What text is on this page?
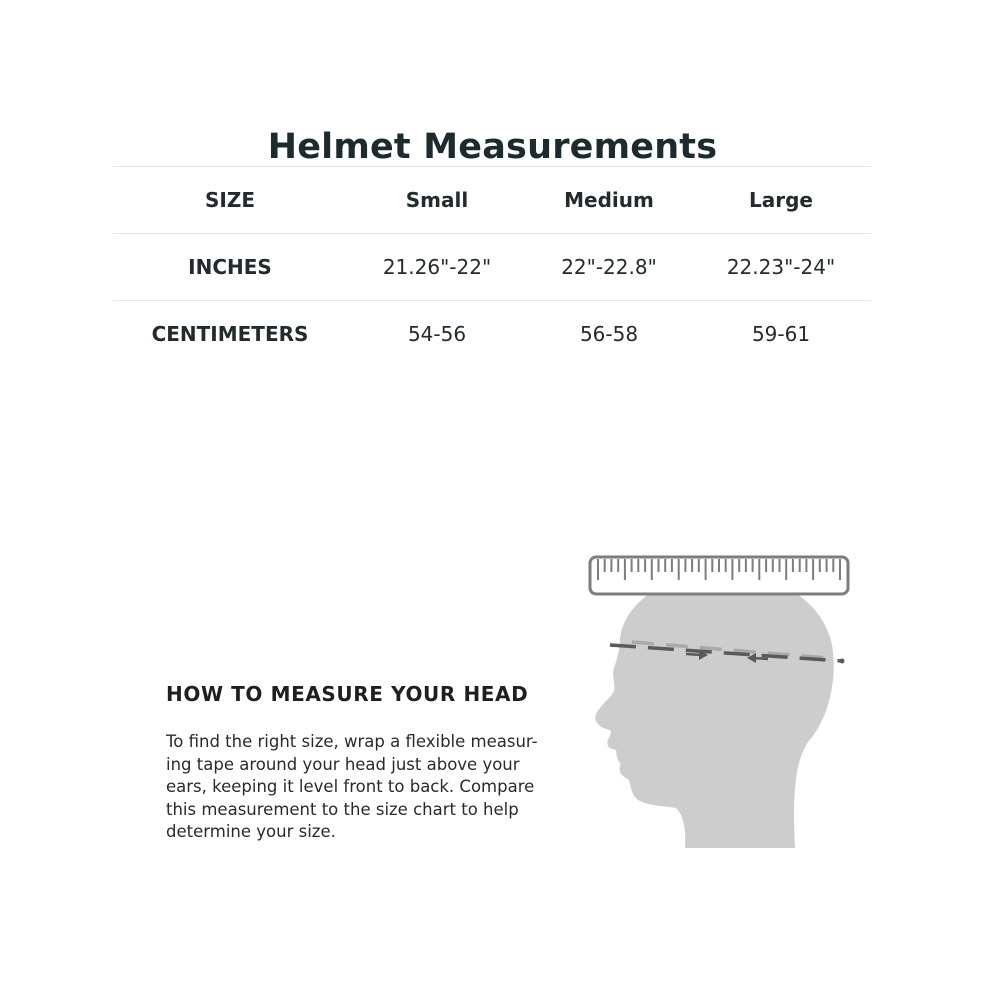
Helmet Measurements
SIZE	Small	Medium	Large
INCHES	21.26"-22"	22"-22.8"	22.23"-24"
CENTIMETERS	54-56	56-58	59-61
HOW TO MEASURE YOUR HEAD
To find the right size, wrap a flexible measur-
ing tape around your head just above your
ears, keeping it level front to back. Compare
this measurement to the size chart to help
determine your size.
